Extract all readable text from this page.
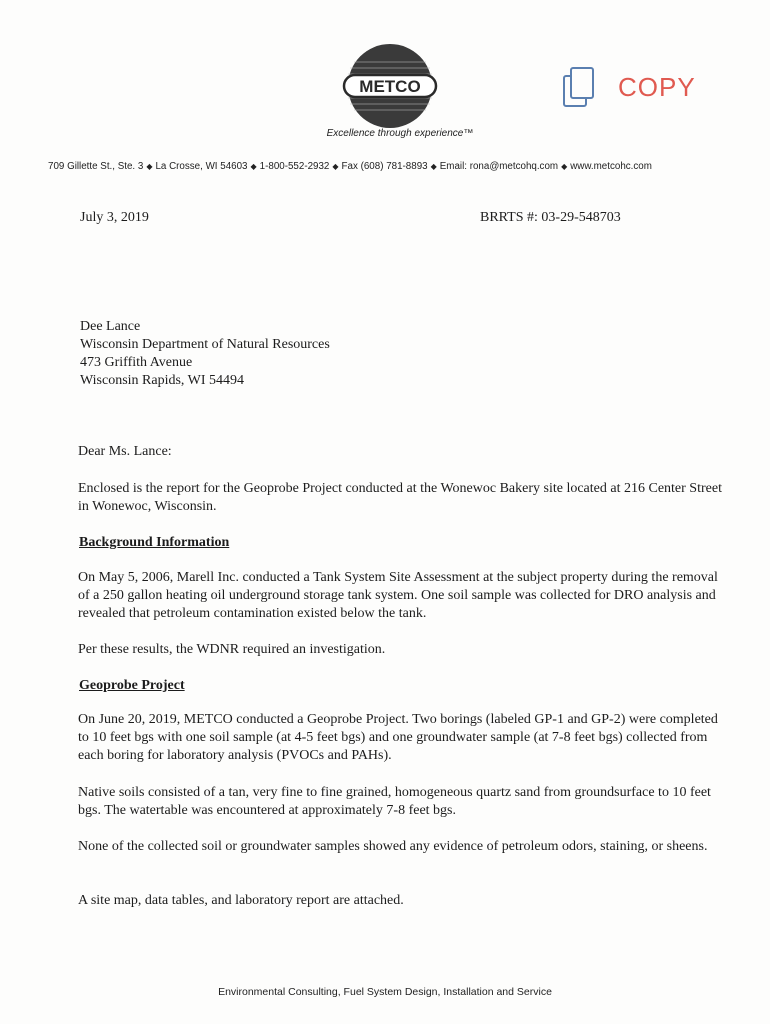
METCO
Excellence through experience™
COPY
709 Gillette St., Ste. 3 ◆ La Crosse, WI 54603 ◆ 1-800-552-2932 ◆ Fax (608) 781-8893 ◆ Email: rona@metcohq.com ◆ www.metcohc.com
July 3, 2019	BRRTS #: 03-29-548703
Dee Lance
Wisconsin Department of Natural Resources
473 Griffith Avenue
Wisconsin Rapids, WI 54494
Dear Ms. Lance:
Enclosed is the report for the Geoprobe Project conducted at the Wonewoc Bakery site located at 216 Center Street in Wonewoc, Wisconsin.
Background Information
On May 5, 2006, Marell Inc. conducted a Tank System Site Assessment at the subject property during the removal of a 250 gallon heating oil underground storage tank system. One soil sample was collected for DRO analysis and revealed that petroleum contamination existed below the tank.
Per these results, the WDNR required an investigation.
Geoprobe Project
On June 20, 2019, METCO conducted a Geoprobe Project. Two borings (labeled GP-1 and GP-2) were completed to 10 feet bgs with one soil sample (at 4-5 feet bgs) and one groundwater sample (at 7-8 feet bgs) collected from each boring for laboratory analysis (PVOCs and PAHs).
Native soils consisted of a tan, very fine to fine grained, homogeneous quartz sand from groundsurface to 10 feet bgs. The watertable was encountered at approximately 7-8 feet bgs.
None of the collected soil or groundwater samples showed any evidence of petroleum odors, staining, or sheens.
A site map, data tables, and laboratory report are attached.
Environmental Consulting, Fuel System Design, Installation and Service
